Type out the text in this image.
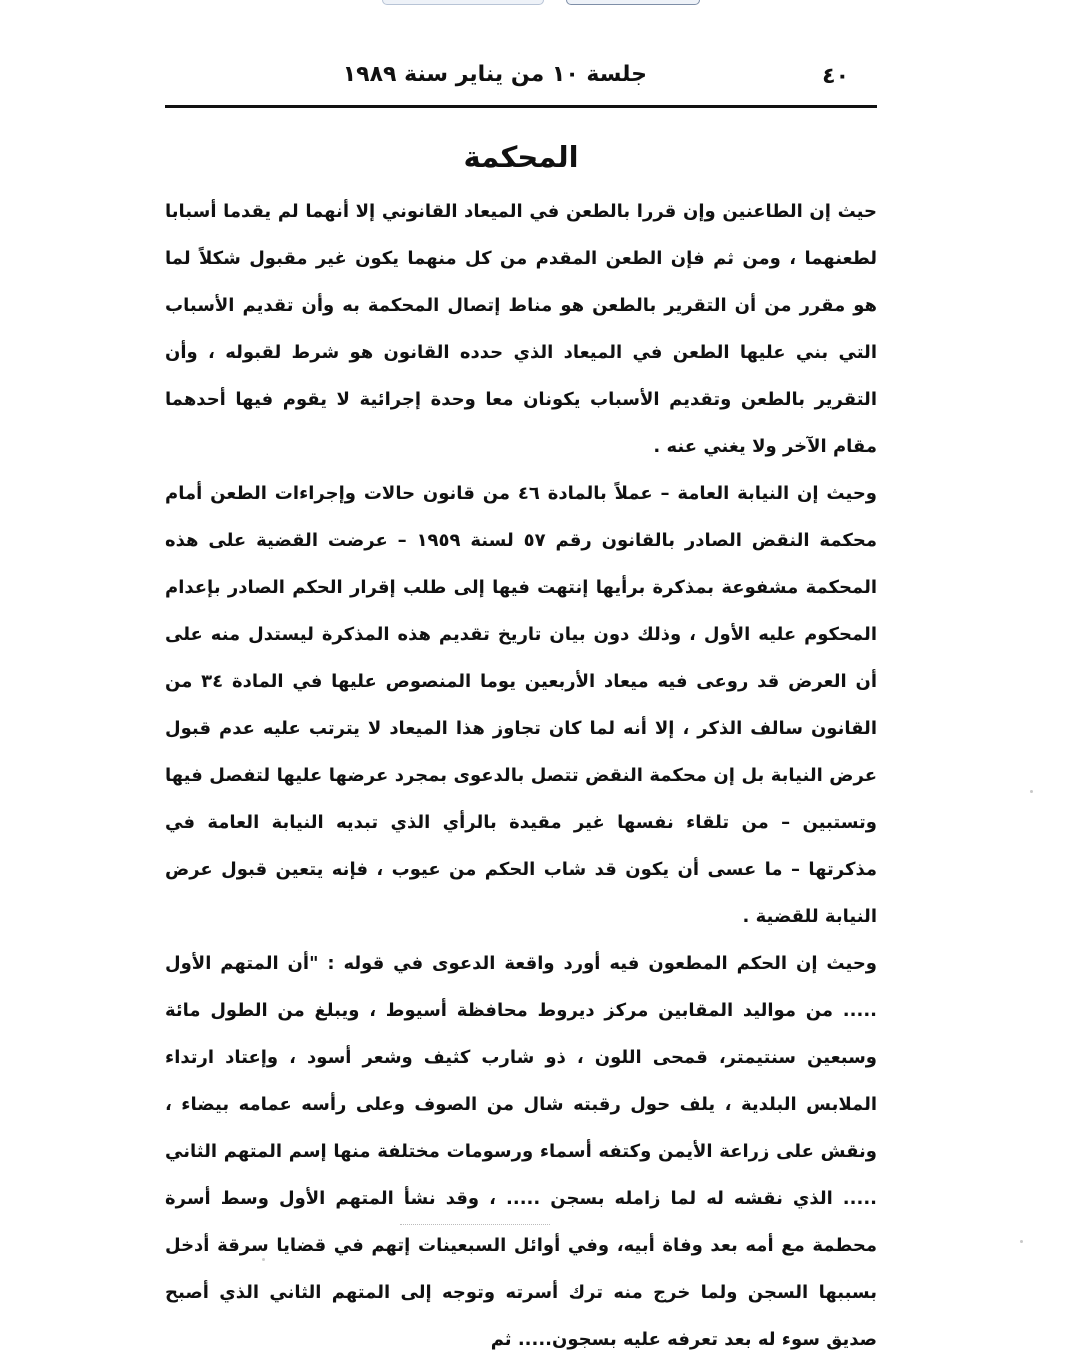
٤٠
جلسة ١٠ من يناير سنة ١٩٨٩
المحكمة

حيث إن الطاعنين وإن قررا بالطعن في الميعاد القانوني إلا أنهما لم يقدما أسبابا لطعنهما ، ومن ثم فإن الطعن المقدم من كل منهما يكون غير مقبول شكلاً لما هو مقرر من أن التقرير بالطعن هو مناط إتصال المحكمة به وأن تقديم الأسباب التي بني عليها الطعن في الميعاد الذي حدده القانون هو شرط لقبوله ، وأن التقرير بالطعن وتقديم الأسباب يكونان معا وحدة إجرائية لا يقوم فيها أحدهما مقام الآخر ولا يغني عنه .

وحيث إن النيابة العامة – عملاً بالمادة ٤٦ من قانون حالات وإجراءات الطعن أمام محكمة النقض الصادر بالقانون رقم ٥٧ لسنة ١٩٥٩ – عرضت القضية على هذه المحكمة مشفوعة بمذكرة برأيها إنتهت فيها إلى طلب إقرار الحكم الصادر بإعدام المحكوم عليه الأول ، وذلك دون بيان تاريخ تقديم هذه المذكرة ليستدل منه على أن العرض قد روعى فيه ميعاد الأربعين يوما المنصوص عليها في المادة ٣٤ من القانون سالف الذكر ، إلا أنه لما كان تجاوز هذا الميعاد لا يترتب عليه عدم قبول عرض النيابة بل إن محكمة النقض تتصل بالدعوى بمجرد عرضها عليها لتفصل فيها وتستبين – من تلقاء نفسها غير مقيدة بالرأي الذي تبديه النيابة العامة في مذكرتها – ما عسى أن يكون قد شاب الحكم من عيوب ، فإنه يتعين قبول عرض النيابة للقضية .

وحيث إن الحكم المطعون فيه أورد واقعة الدعوى في قوله : "أن المتهم الأول ..... من مواليد المقابين مركز ديروط محافظة أسيوط ، ويبلغ من الطول مائة وسبعين سنتيمتر، قمحى اللون ، ذو شارب كثيف وشعر أسود ، وإعتاد ارتداء الملابس البلدية ، يلف حول رقبته شال من الصوف وعلى رأسه عمامه بيضاء ، ونقش على زراعة الأيمن وكتفه أسماء ورسومات مختلفة منها إسم المتهم الثاني ..... الذي نقشه له لما زامله بسجن ..... ، وقد نشأ المتهم الأول وسط أسرة محطمة مع أمه بعد وفاة أبيه، وفي أوائل السبعينات إتهم في قضايا سرقة أدخل بسببها السجن ولما خرج منه ترك أسرته وتوجه إلى المتهم الثاني الذي أصبح صديق سوء له بعد تعرفه عليه بسجون..... ثم
